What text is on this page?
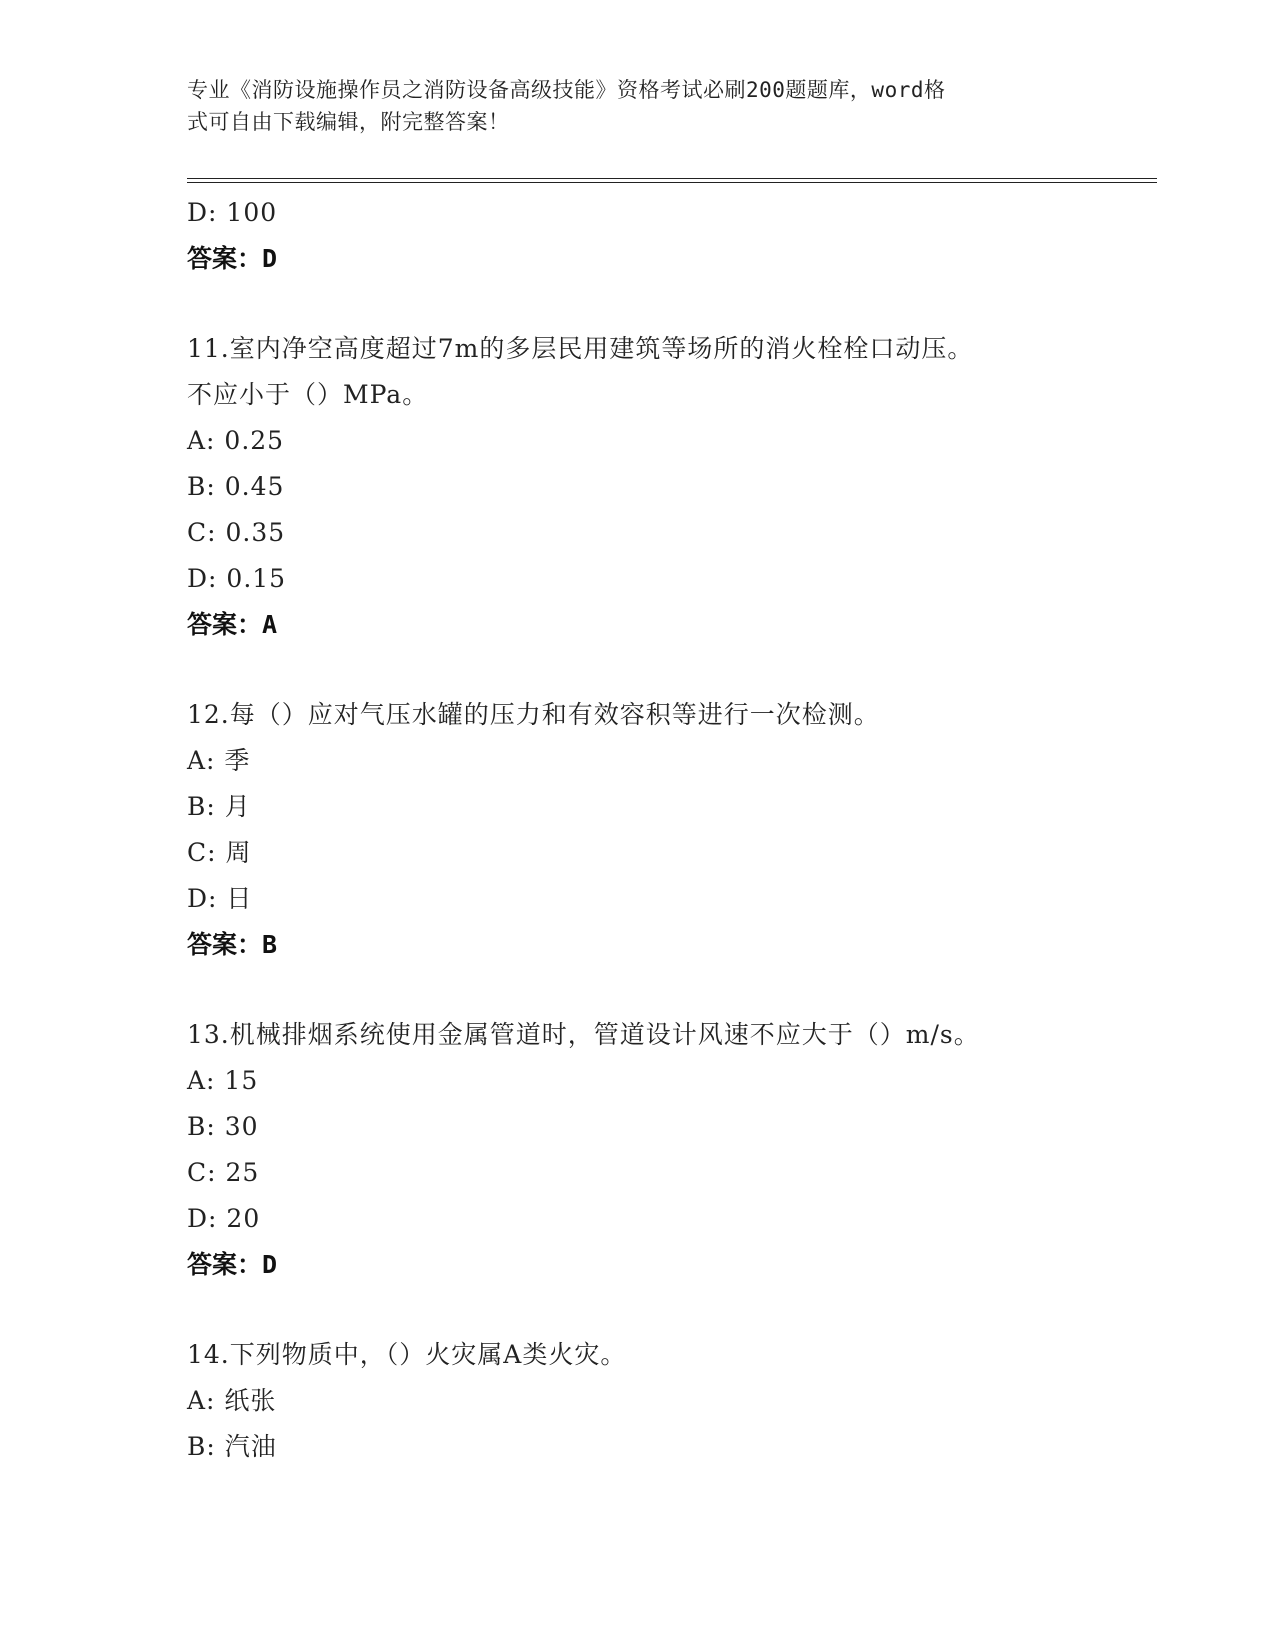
专业《消防设施操作员之消防设备高级技能》资格考试必刷200题题库，word格
式可自由下载编辑，附完整答案！
D: 100
答案：D
11.室内净空高度超过7m的多层民用建筑等场所的消火栓栓口动压。
不应小于（）MPa。
A: 0.25
B: 0.45
C: 0.35
D: 0.15
答案：A
12.每（）应对气压水罐的压力和有效容积等进行一次检测。
A: 季
B: 月
C: 周
D: 日
答案：B
13.机械排烟系统使用金属管道时，管道设计风速不应大于（）m/s。
A: 15
B: 30
C: 25
D: 20
答案：D
14.下列物质中，（）火灾属A类火灾。
A: 纸张
B: 汽油
